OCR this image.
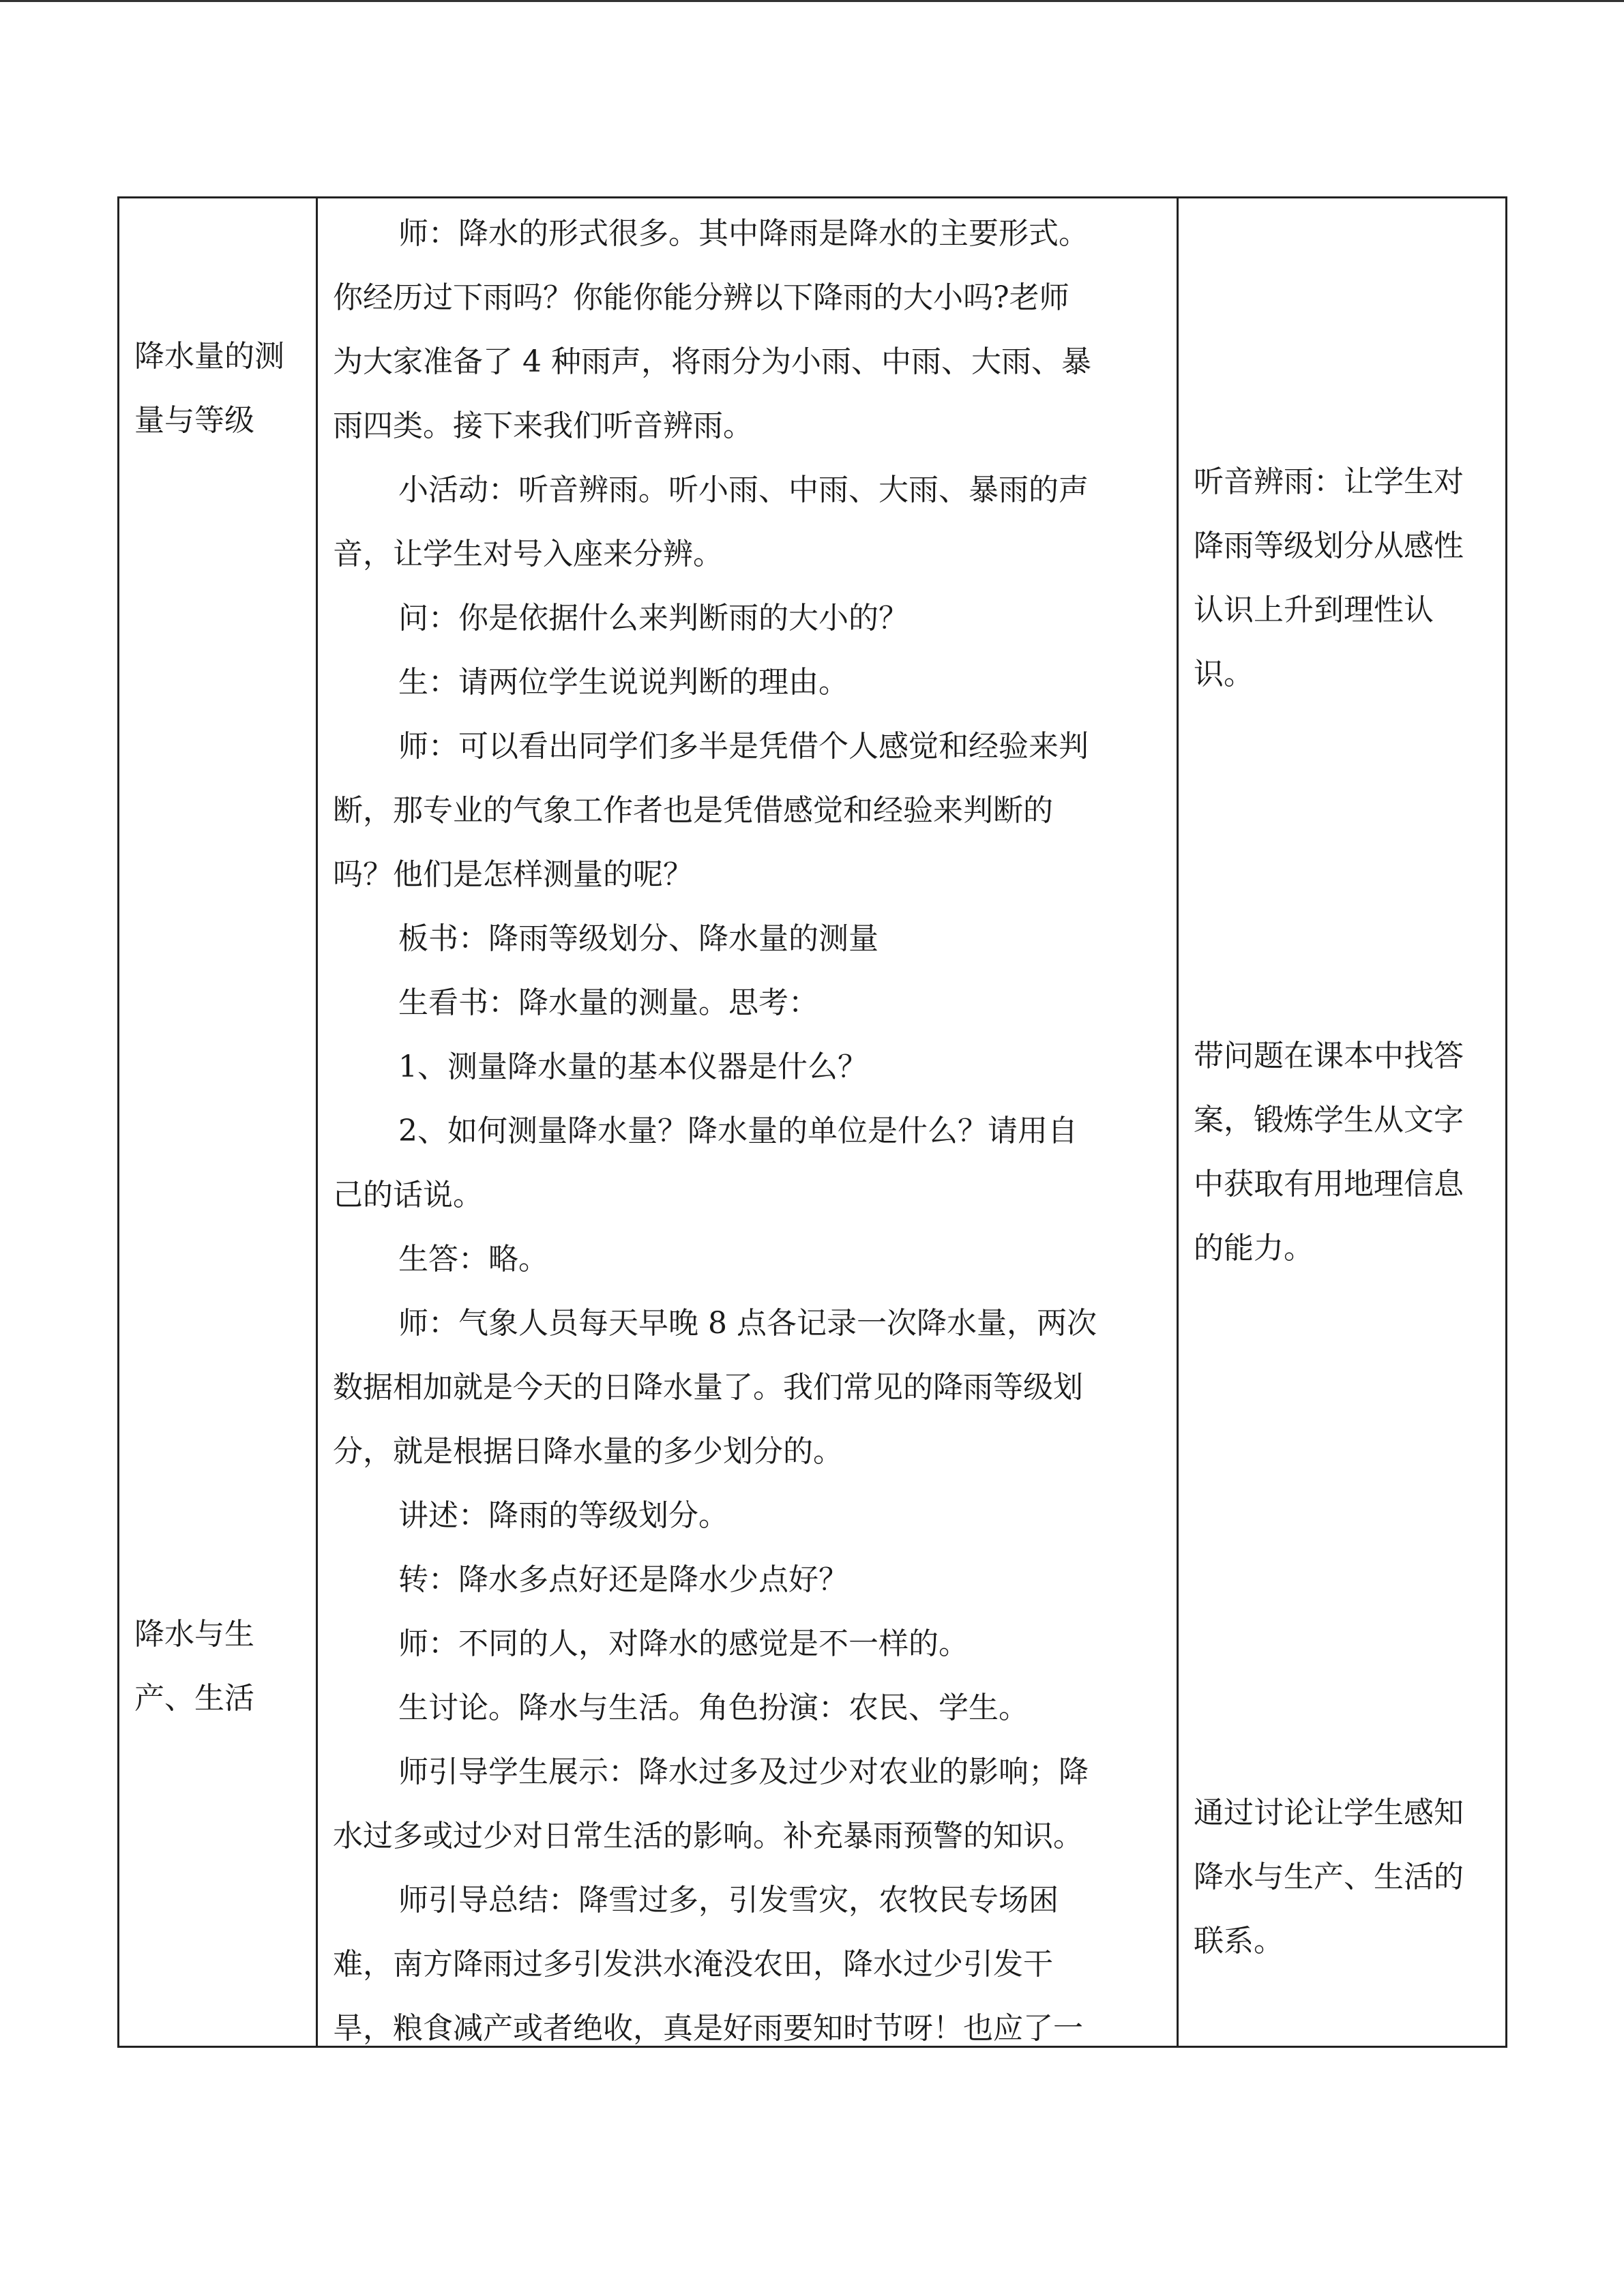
降水量的测
量与等级
降水与生
产、生活
师：降水的形式很多。其中降雨是降水的主要形式。
你经历过下雨吗？你能你能分辨以下降雨的大小吗?老师
为大家准备了 4 种雨声，将雨分为小雨、中雨、大雨、暴
雨四类。接下来我们听音辨雨。
小活动：听音辨雨。听小雨、中雨、大雨、暴雨的声
音，让学生对号入座来分辨。
问：你是依据什么来判断雨的大小的？
生：请两位学生说说判断的理由。
师：可以看出同学们多半是凭借个人感觉和经验来判
断，那专业的气象工作者也是凭借感觉和经验来判断的
吗？他们是怎样测量的呢？
板书：降雨等级划分、降水量的测量
生看书：降水量的测量。思考：
1、测量降水量的基本仪器是什么？
2、如何测量降水量？降水量的单位是什么？请用自
己的话说。
生答：略。
师：气象人员每天早晚 8 点各记录一次降水量，两次
数据相加就是今天的日降水量了。我们常见的降雨等级划
分，就是根据日降水量的多少划分的。
讲述：降雨的等级划分。
转：降水多点好还是降水少点好？
师：不同的人，对降水的感觉是不一样的。
生讨论。降水与生活。角色扮演：农民、学生。
师引导学生展示：降水过多及过少对农业的影响；降
水过多或过少对日常生活的影响。补充暴雨预警的知识。
师引导总结：降雪过多，引发雪灾，农牧民专场困
难，南方降雨过多引发洪水淹没农田，降水过少引发干
旱，粮食减产或者绝收，真是好雨要知时节呀！也应了一
听音辨雨：让学生对
降雨等级划分从感性
认识上升到理性认
识。
带问题在课本中找答
案，锻炼学生从文字
中获取有用地理信息
的能力。
通过讨论让学生感知
降水与生产、生活的
联系。
